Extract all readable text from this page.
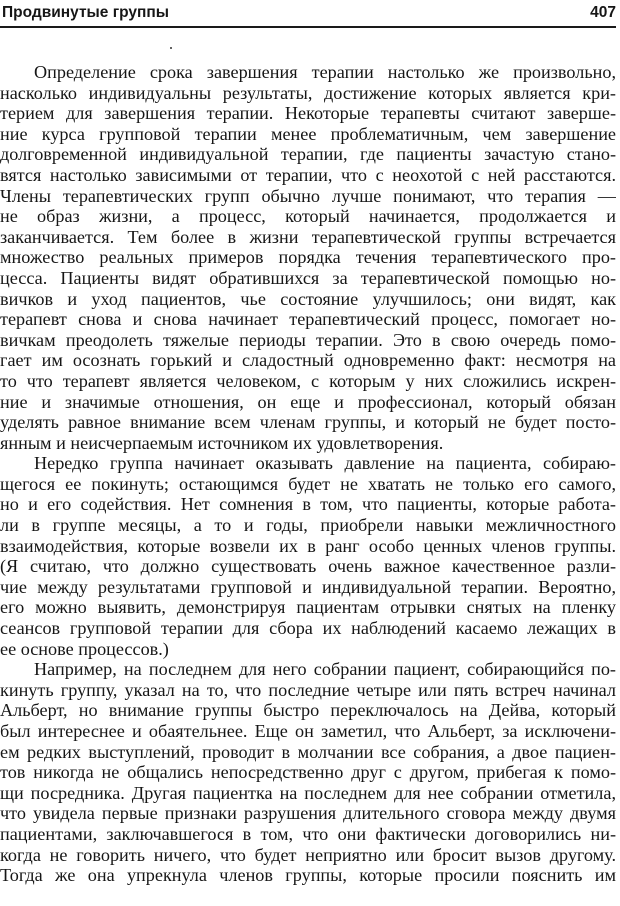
Продвинутые группы	407
Определение срока завершения терапии настолько же произвольно,
насколько индивидуальны результаты, достижение которых является кри-
терием для завершения терапии. Некоторые терапевты считают заверше-
ние курса групповой терапии менее проблематичным, чем завершение
долговременной индивидуальной терапии, где пациенты зачастую стано-
вятся настолько зависимыми от терапии, что с неохотой с ней расстаются.
Члены терапевтических групп обычно лучше понимают, что терапия —
не образ жизни, а процесс, который начинается, продолжается и
заканчивается. Тем более в жизни терапевтической группы встречается
множество реальных примеров порядка течения терапевтического про-
цесса. Пациенты видят обратившихся за терапевтической помощью но-
вичков и уход пациентов, чье состояние улучшилось; они видят, как
терапевт снова и снова начинает терапевтический процесс, помогает но-
вичкам преодолеть тяжелые периоды терапии. Это в свою очередь помо-
гает им осознать горький и сладостный одновременно факт: несмотря на
то что терапевт является человеком, с которым у них сложились искрен-
ние и значимые отношения, он еще и профессионал, который обязан
уделять равное внимание всем членам группы, и который не будет посто-
янным и неисчерпаемым источником их удовлетворения.
Нередко группа начинает оказывать давление на пациента, собираю-
щегося ее покинуть; остающимся будет не хватать не только его самого,
но и его содействия. Нет сомнения в том, что пациенты, которые работа-
ли в группе месяцы, а то и годы, приобрели навыки межличностного
взаимодействия, которые возвели их в ранг особо ценных членов группы.
(Я считаю, что должно существовать очень важное качественное разли-
чие между результатами групповой и индивидуальной терапии. Вероятно,
его можно выявить, демонстрируя пациентам отрывки снятых на пленку
сеансов групповой терапии для сбора их наблюдений касаемо лежащих в
ее основе процессов.)
Например, на последнем для него собрании пациент, собирающийся по-
кинуть группу, указал на то, что последние четыре или пять встреч начинал
Альберт, но внимание группы быстро переключалось на Дейва, который
был интереснее и обаятельнее. Еще он заметил, что Альберт, за исключени-
ем редких выступлений, проводит в молчании все собрания, а двое пациен-
тов никогда не общались непосредственно друг с другом, прибегая к помо-
щи посредника. Другая пациентка на последнем для нее собрании отметила,
что увидела первые признаки разрушения длительного сговора между двумя
пациентами, заключавшегося в том, что они фактически договорились ни-
когда не говорить ничего, что будет неприятно или бросит вызов другому.
Тогда же она упрекнула членов группы, которые просили пояснить им
